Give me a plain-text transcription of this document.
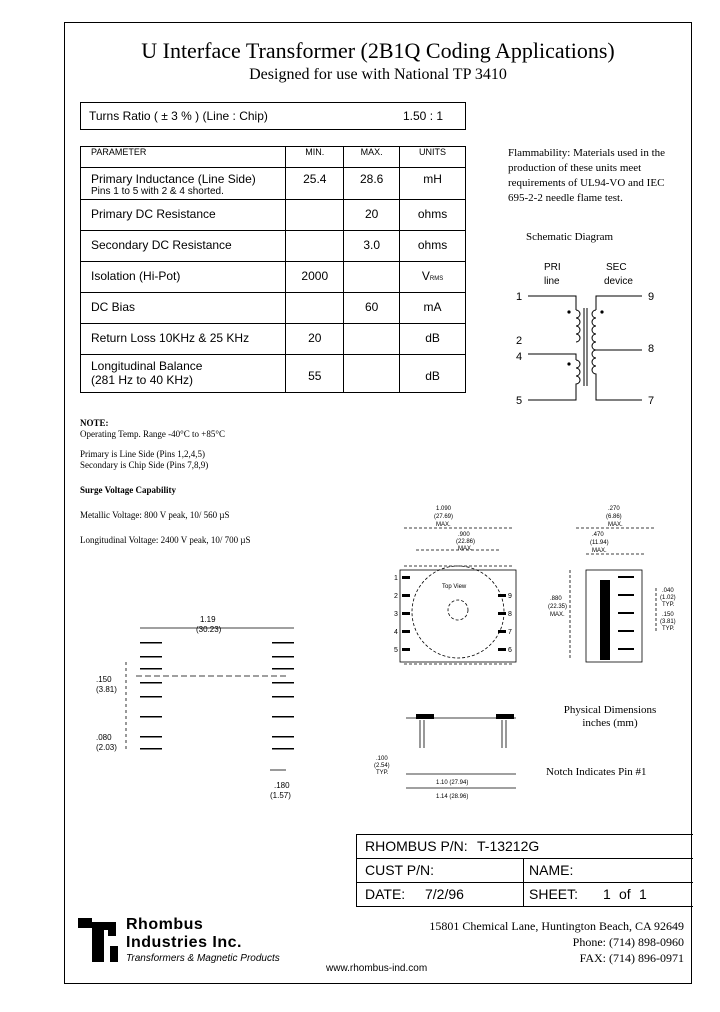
U Interface Transformer (2B1Q Coding Applications)
Designed for use with National TP 3410
Turns Ratio ( ± 3 % ) (Line : Chip)	1.50 : 1
PARAMETER	MIN.	MAX.	UNITS
Primary Inductance (Line Side)
Pins 1 to 5 with 2 & 4 shorted.	25.4	28.6	mH
Primary DC Resistance		20	ohms
Secondary DC Resistance		3.0	ohms
Isolation (Hi-Pot)	2000		VRMS
DC Bias		60	mA
Return Loss 10KHz & 25 KHz	20		dB
Longitudinal Balance
(281 Hz to 40 KHz)	55		dB
Flammability: Materials used in the production of these units meet requirements of UL94-VO and IEC 695-2-2 needle flame test.
Schematic Diagram
PRI
line
SEC
device
1
2
4
5
9
8
7
NOTE:
Operating Temp. Range -40°C to +85°C
Primary is Line Side (Pins 1,2,4,5)
Secondary is Chip Side (Pins 7,8,9)
Surge Voltage Capability
Metallic Voltage: 800 V peak, 10/ 560 µS
Longitudinal Voltage: 2400 V peak, 10/ 700 µS
1.090
(27.69)
MAX.
.900
(22.86)
MAX.
Top View
1
2
3
4
5
9
8
7
6
.270
(6.86)
MAX.
.470
(11.94)
MAX.
.880
(22.35)
MAX.
.040
(1.02)
TYP.
.150
(3.81)
TYP.
1.19
(30.23)
.150
(3.81)
.080
(2.03)
.180
(1.57)
.100
(2.54)
TYP.
1.10 (27.94)
1.14 (28.96)
Physical Dimensions
inches (mm)
Notch Indicates Pin #1
RHOMBUS P/N: T-13212G
CUST P/N:	NAME:
DATE: 7/2/96	SHEET: 1 of 1
Rhombus
Industries Inc.
Transformers & Magnetic Products
15801 Chemical Lane, Huntington Beach, CA 92649
Phone: (714) 898-0960
FAX: (714) 896-0971
www.rhombus-ind.com
